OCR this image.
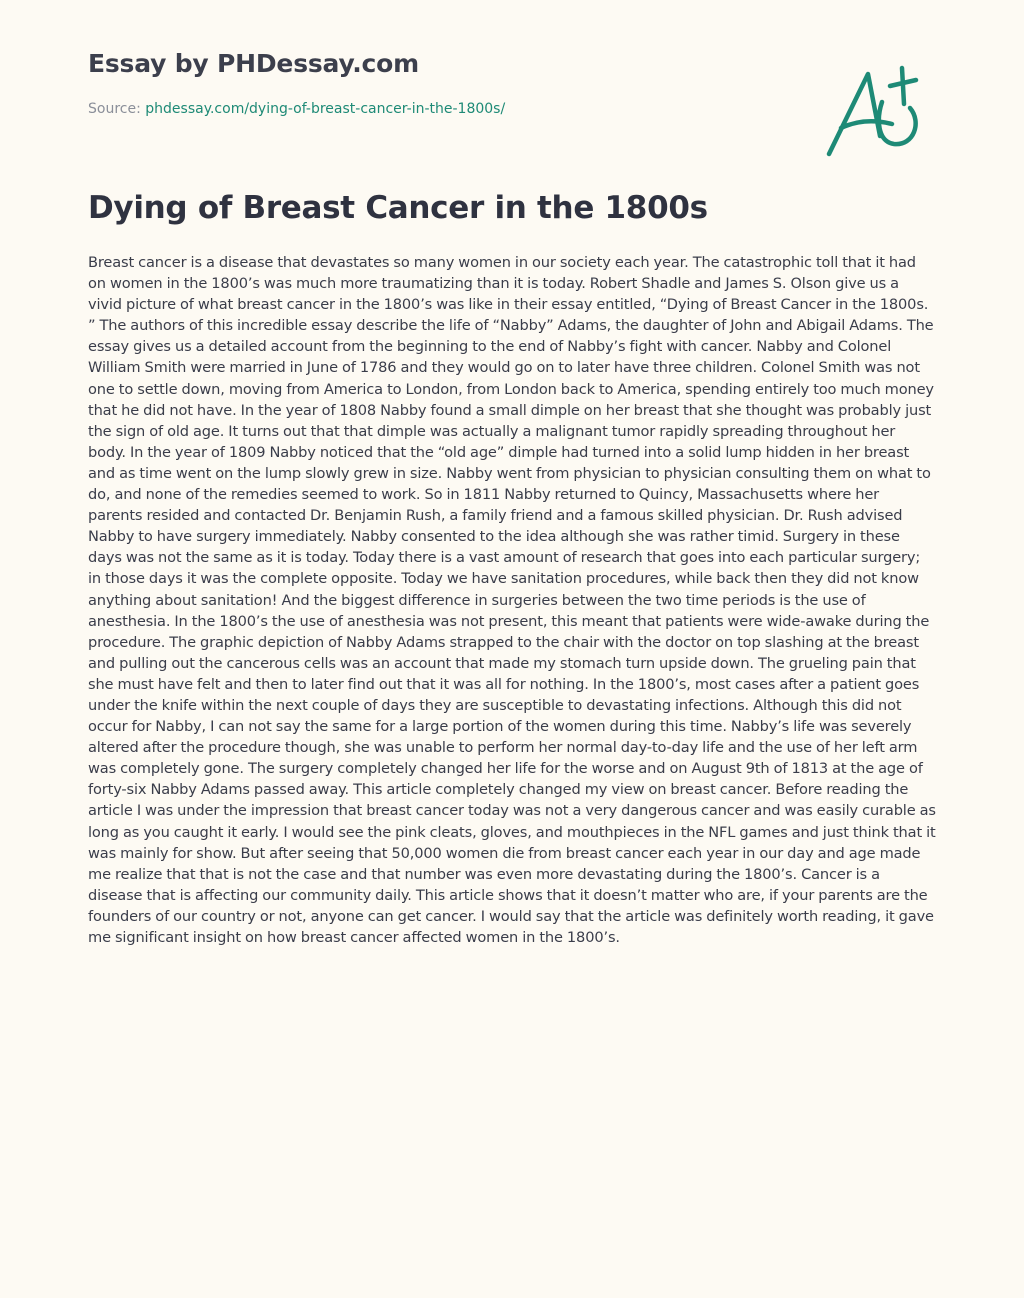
Essay by PHDessay.com
Source: phdessay.com/dying-of-breast-cancer-in-the-1800s/
Dying of Breast Cancer in the 1800s

Breast cancer is a disease that devastates so many women in our society each year. The catastrophic toll that it had on women in the 1800’s was much more traumatizing than it is today. Robert Shadle and James S. Olson give us a vivid picture of what breast cancer in the 1800’s was like in their essay entitled, “Dying of Breast Cancer in the 1800s. ” The authors of this incredible essay describe the life of “Nabby” Adams, the daughter of John and Abigail Adams. The essay gives us a detailed account from the beginning to the end of Nabby’s fight with cancer. Nabby and Colonel William Smith were married in June of 1786 and they would go on to later have three children. Colonel Smith was not one to settle down, moving from America to London, from London back to America, spending entirely too much money that he did not have. In the year of 1808 Nabby found a small dimple on her breast that she thought was probably just the sign of old age. It turns out that that dimple was actually a malignant tumor rapidly spreading throughout her body. In the year of 1809 Nabby noticed that the “old age” dimple had turned into a solid lump hidden in her breast and as time went on the lump slowly grew in size. Nabby went from physician to physician consulting them on what to do, and none of the remedies seemed to work. So in 1811 Nabby returned to Quincy, Massachusetts where her parents resided and contacted Dr. Benjamin Rush, a family friend and a famous skilled physician. Dr. Rush advised Nabby to have surgery immediately. Nabby consented to the idea although she was rather timid. Surgery in these days was not the same as it is today. Today there is a vast amount of research that goes into each particular surgery; in those days it was the complete opposite. Today we have sanitation procedures, while back then they did not know anything about sanitation! And the biggest difference in surgeries between the two time periods is the use of anesthesia. In the 1800’s the use of anesthesia was not present, this meant that patients were wide-awake during the procedure. The graphic depiction of Nabby Adams strapped to the chair with the doctor on top slashing at the breast and pulling out the cancerous cells was an account that made my stomach turn upside down. The grueling pain that she must have felt and then to later find out that it was all for nothing. In the 1800’s, most cases after a patient goes under the knife within the next couple of days they are susceptible to devastating infections. Although this did not occur for Nabby, I can not say the same for a large portion of the women during this time. Nabby’s life was severely altered after the procedure though, she was unable to perform her normal day-to-day life and the use of her left arm was completely gone. The surgery completely changed her life for the worse and on August 9th of 1813 at the age of forty-six Nabby Adams passed away. This article completely changed my view on breast cancer. Before reading the article I was under the impression that breast cancer today was not a very dangerous cancer and was easily curable as long as you caught it early. I would see the pink cleats, gloves, and mouthpieces in the NFL games and just think that it was mainly for show. But after seeing that 50,000 women die from breast cancer each year in our day and age made me realize that that is not the case and that number was even more devastating during the 1800’s. Cancer is a disease that is affecting our community daily. This article shows that it doesn’t matter who are, if your parents are the founders of our country or not, anyone can get cancer. I would say that the article was definitely worth reading, it gave me significant insight on how breast cancer affected women in the 1800’s.
